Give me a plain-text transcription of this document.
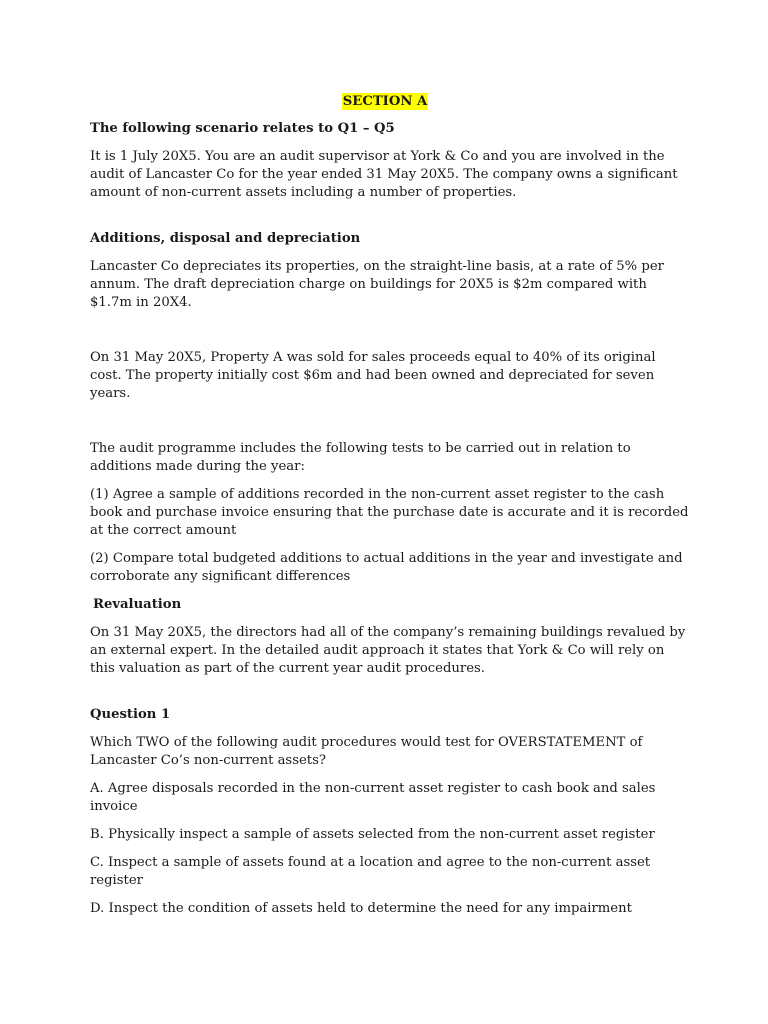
SECTION A

The following scenario relates to Q1 – Q5

It is 1 July 20X5. You are an audit supervisor at York & Co and you are involved in the audit of Lancaster Co for the year ended 31 May 20X5. The company owns a significant amount of non-current assets including a number of properties.

Additions, disposal and depreciation

Lancaster Co depreciates its properties, on the straight-line basis, at a rate of 5% per annum. The draft depreciation charge on buildings for 20X5 is $2m compared with $1.7m in 20X4.

On 31 May 20X5, Property A was sold for sales proceeds equal to 40% of its original cost. The property initially cost $6m and had been owned and depreciated for seven years.

The audit programme includes the following tests to be carried out in relation to additions made during the year:

(1) Agree a sample of additions recorded in the non-current asset register to the cash book and purchase invoice ensuring that the purchase date is accurate and it is recorded at the correct amount

(2) Compare total budgeted additions to actual additions in the year and investigate and corroborate any significant differences

Revaluation

On 31 May 20X5, the directors had all of the company’s remaining buildings revalued by an external expert. In the detailed audit approach it states that York & Co will rely on this valuation as part of the current year audit procedures.

Question 1

Which TWO of the following audit procedures would test for OVERSTATEMENT of Lancaster Co’s non-current assets?

A. Agree disposals recorded in the non-current asset register to cash book and sales invoice

B. Physically inspect a sample of assets selected from the non-current asset register

C. Inspect a sample of assets found at a location and agree to the non-current asset register

D. Inspect the condition of assets held to determine the need for any impairment
